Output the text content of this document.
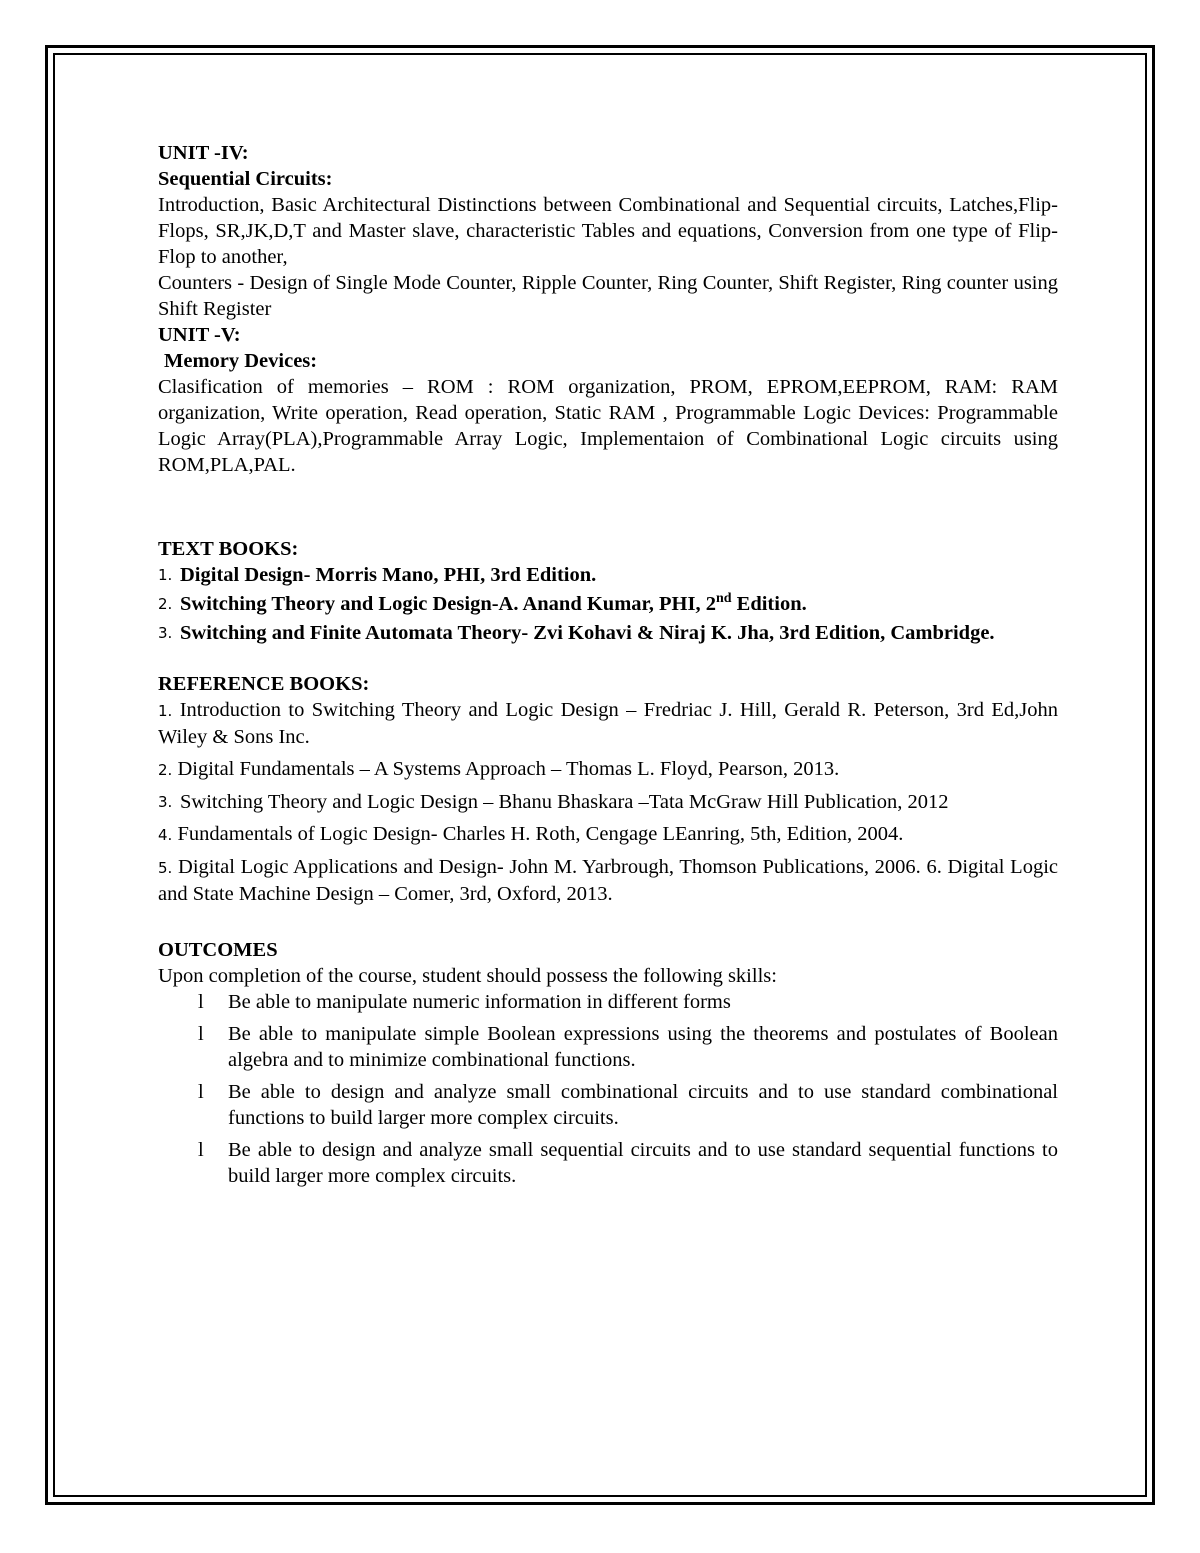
UNIT -IV:

Sequential Circuits:

Introduction, Basic Architectural Distinctions between Combinational and Sequential circuits, Latches,Flip-Flops, SR,JK,D,T and Master slave, characteristic Tables and equations, Conversion from one type of Flip-Flop to another,

Counters - Design of Single Mode Counter, Ripple Counter, Ring Counter, Shift Register, Ring counter using Shift Register

UNIT -V:

Memory Devices:

Clasification of memories – ROM : ROM organization, PROM, EPROM,EEPROM, RAM: RAM organization, Write operation, Read operation, Static RAM , Programmable Logic Devices: Programmable Logic Array(PLA),Programmable Array Logic, Implementaion of Combinational Logic circuits using ROM,PLA,PAL.

TEXT BOOKS:

1. Digital Design- Morris Mano, PHI, 3rd Edition.
2. Switching Theory and Logic Design-A. Anand Kumar, PHI, 2nd Edition.
3. Switching and Finite Automata Theory- Zvi Kohavi & Niraj K. Jha, 3rd Edition, Cambridge.

REFERENCE BOOKS:

1. Introduction to Switching Theory and Logic Design – Fredriac J. Hill, Gerald R. Peterson, 3rd Ed,John Wiley & Sons Inc.
2. Digital Fundamentals – A Systems Approach – Thomas L. Floyd, Pearson, 2013.
3. Switching Theory and Logic Design – Bhanu Bhaskara –Tata McGraw Hill Publication, 2012
4. Fundamentals of Logic Design- Charles H. Roth, Cengage LEanring, 5th, Edition, 2004.
5. Digital Logic Applications and Design- John M. Yarbrough, Thomson Publications, 2006. 6. Digital Logic and State Machine Design – Comer, 3rd, Oxford, 2013.

OUTCOMES

Upon completion of the course, student should possess the following skills:

l Be able to manipulate numeric information in different forms
l Be able to manipulate simple Boolean expressions using the theorems and postulates of Boolean algebra and to minimize combinational functions.
l Be able to design and analyze small combinational circuits and to use standard combinational functions to build larger more complex circuits.
l Be able to design and analyze small sequential circuits and to use standard sequential functions to build larger more complex circuits.
